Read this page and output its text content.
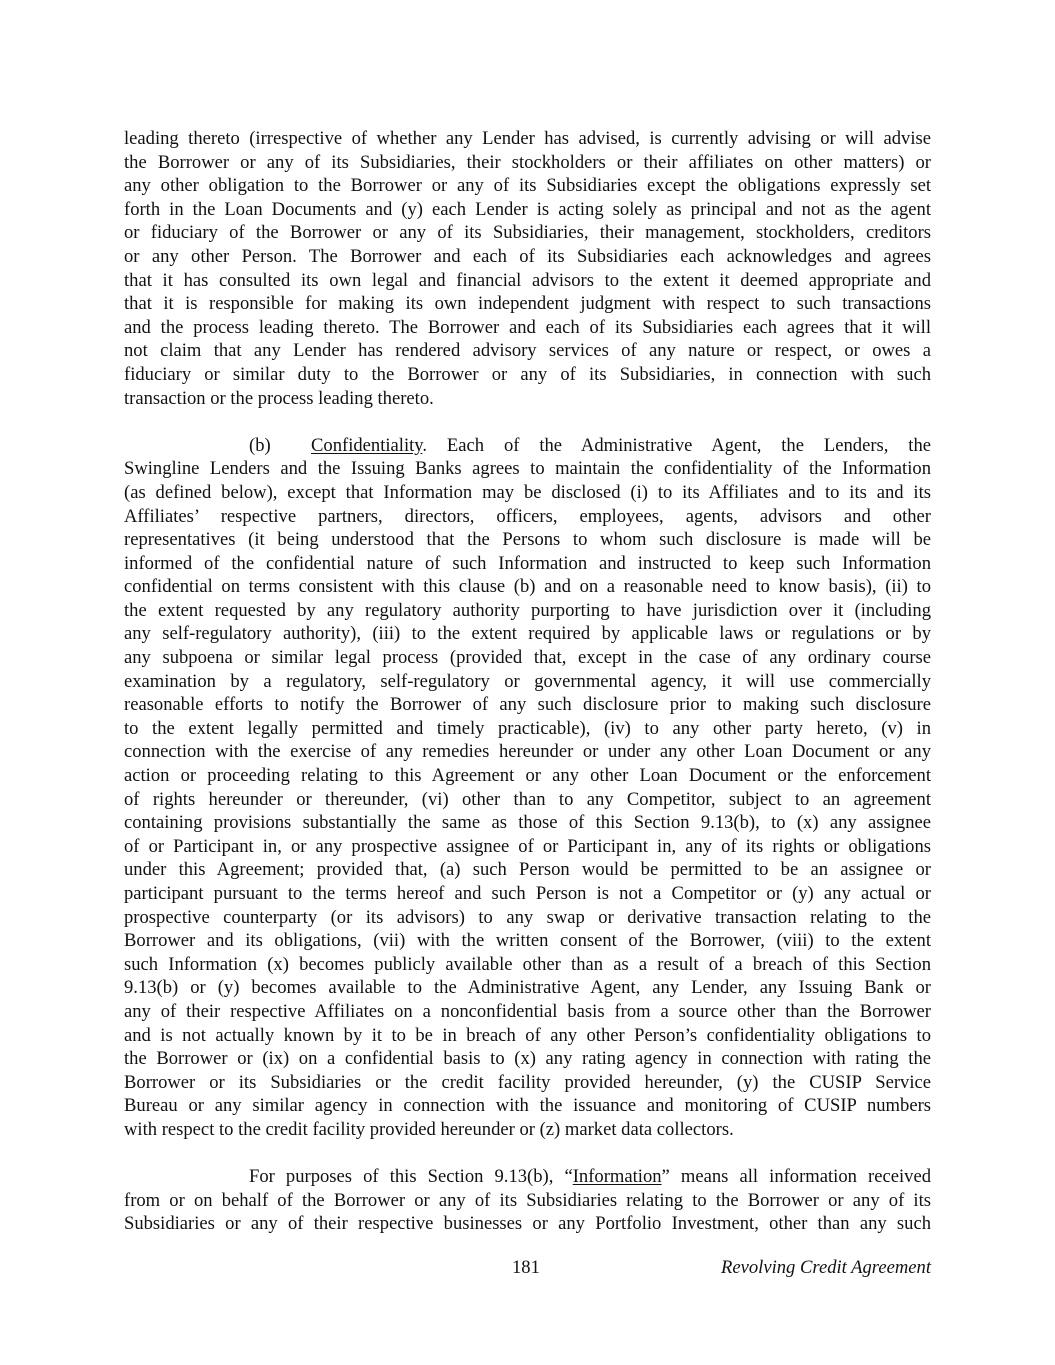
leading thereto (irrespective of whether any Lender has advised, is currently advising or will advise
the Borrower or any of its Subsidiaries, their stockholders or their affiliates on other matters) or
any other obligation to the Borrower or any of its Subsidiaries except the obligations expressly set
forth in the Loan Documents and (y) each Lender is acting solely as principal and not as the agent
or fiduciary of the Borrower or any of its Subsidiaries, their management, stockholders, creditors
or any other Person. The Borrower and each of its Subsidiaries each acknowledges and agrees
that it has consulted its own legal and financial advisors to the extent it deemed appropriate and
that it is responsible for making its own independent judgment with respect to such transactions
and the process leading thereto. The Borrower and each of its Subsidiaries each agrees that it will
not claim that any Lender has rendered advisory services of any nature or respect, or owes a
fiduciary or similar duty to the Borrower or any of its Subsidiaries, in connection with such
transaction or the process leading thereto.
(b) Confidentiality. Each of the Administrative Agent, the Lenders, the
Swingline Lenders and the Issuing Banks agrees to maintain the confidentiality of the Information
(as defined below), except that Information may be disclosed (i) to its Affiliates and to its and its
Affiliates’ respective partners, directors, officers, employees, agents, advisors and other
representatives (it being understood that the Persons to whom such disclosure is made will be
informed of the confidential nature of such Information and instructed to keep such Information
confidential on terms consistent with this clause (b) and on a reasonable need to know basis), (ii) to
the extent requested by any regulatory authority purporting to have jurisdiction over it (including
any self-regulatory authority), (iii) to the extent required by applicable laws or regulations or by
any subpoena or similar legal process (provided that, except in the case of any ordinary course
examination by a regulatory, self-regulatory or governmental agency, it will use commercially
reasonable efforts to notify the Borrower of any such disclosure prior to making such disclosure
to the extent legally permitted and timely practicable), (iv) to any other party hereto, (v) in
connection with the exercise of any remedies hereunder or under any other Loan Document or any
action or proceeding relating to this Agreement or any other Loan Document or the enforcement
of rights hereunder or thereunder, (vi) other than to any Competitor, subject to an agreement
containing provisions substantially the same as those of this Section 9.13(b), to (x) any assignee
of or Participant in, or any prospective assignee of or Participant in, any of its rights or obligations
under this Agreement; provided that, (a) such Person would be permitted to be an assignee or
participant pursuant to the terms hereof and such Person is not a Competitor or (y) any actual or
prospective counterparty (or its advisors) to any swap or derivative transaction relating to the
Borrower and its obligations, (vii) with the written consent of the Borrower, (viii) to the extent
such Information (x) becomes publicly available other than as a result of a breach of this Section
9.13(b) or (y) becomes available to the Administrative Agent, any Lender, any Issuing Bank or
any of their respective Affiliates on a nonconfidential basis from a source other than the Borrower
and is not actually known by it to be in breach of any other Person’s confidentiality obligations to
the Borrower or (ix) on a confidential basis to (x) any rating agency in connection with rating the
Borrower or its Subsidiaries or the credit facility provided hereunder, (y) the CUSIP Service
Bureau or any similar agency in connection with the issuance and monitoring of CUSIP numbers
with respect to the credit facility provided hereunder or (z) market data collectors.
For purposes of this Section 9.13(b), “Information” means all information received
from or on behalf of the Borrower or any of its Subsidiaries relating to the Borrower or any of its
Subsidiaries or any of their respective businesses or any Portfolio Investment, other than any such
181	Revolving Credit Agreement
